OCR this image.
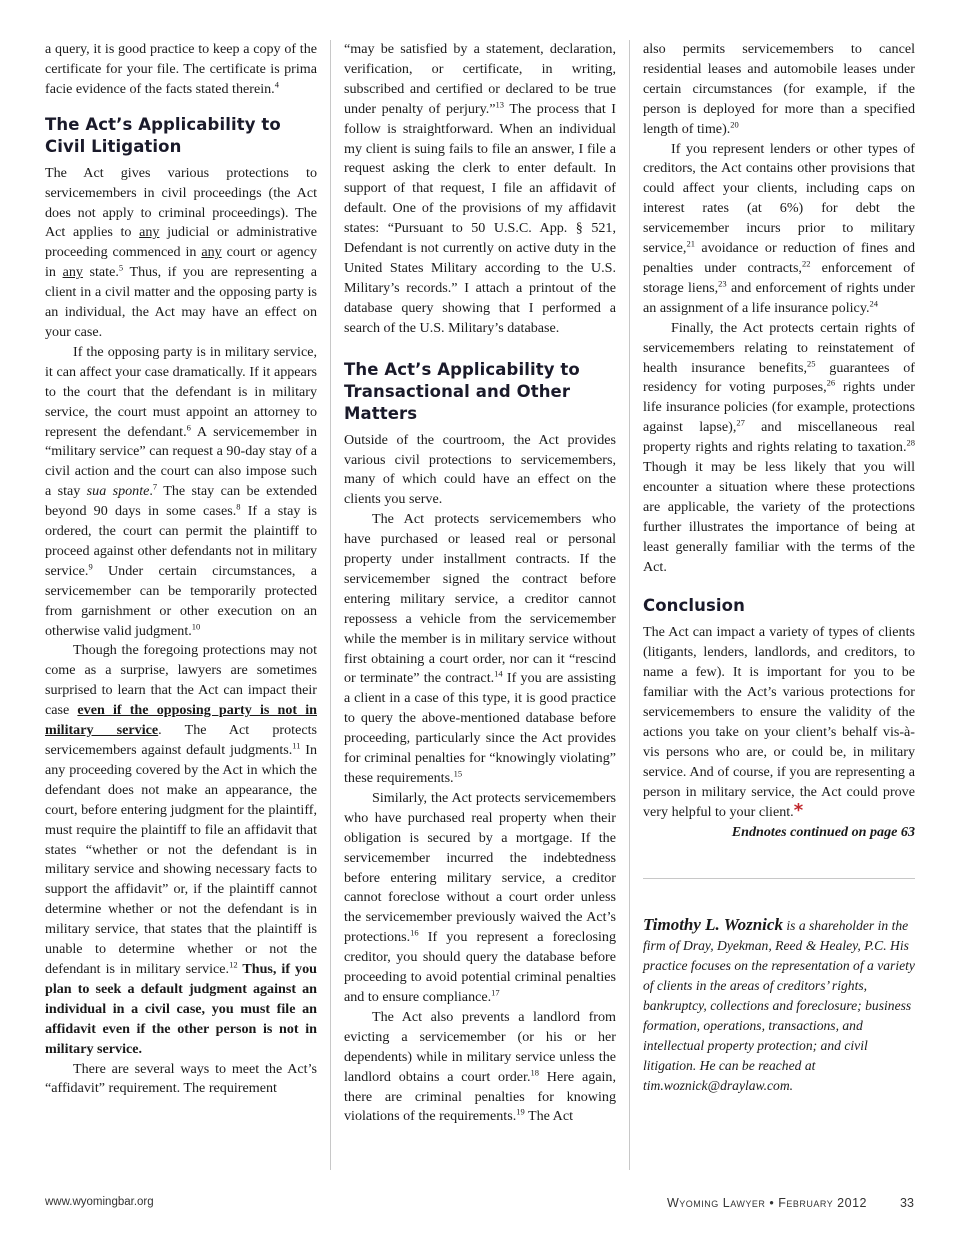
a query, it is good practice to keep a copy of the certificate for your file. The certificate is prima facie evidence of the facts stated therein.$^4$

The Act’s Applicability to Civil Litigation

The Act gives various protections to servicemembers in civil proceedings (the Act does not apply to criminal proceedings). The Act applies to any judicial or administrative proceeding commenced in any court or agency in any state.$^5$ Thus, if you are representing a client in a civil matter and the opposing party is an individual, the Act may have an effect on your case.

If the opposing party is in military service, it can affect your case dramatically. If it appears to the court that the defendant is in military service, the court must appoint an attorney to represent the defendant.$^6$ A servicemember in “military service” can request a 90-day stay of a civil action and the court can also impose such a stay sua sponte.$^7$ The stay can be extended beyond 90 days in some cases.$^8$ If a stay is ordered, the court can permit the plaintiff to proceed against other defendants not in military service.$^9$ Under certain circumstances, a servicemember can be temporarily protected from garnishment or other execution on an otherwise valid judgment.$^{10}$

Though the foregoing protections may not come as a surprise, lawyers are sometimes surprised to learn that the Act can impact their case even if the opposing party is not in military service. The Act protects servicemembers against default judgments.$^{11}$ In any proceeding covered by the Act in which the defendant does not make an appearance, the court, before entering judgment for the plaintiff, must require the plaintiff to file an affidavit that states “whether or not the defendant is in military service and showing necessary facts to support the affidavit” or, if the plaintiff cannot determine whether or not the defendant is in military service, that states that the plaintiff is unable to determine whether or not the defendant is in military service.$^{12}$ Thus, if you plan to seek a default judgment against an individual in a civil case, you must file an affidavit even if the other person is not in military service.

There are several ways to meet the Act’s “affidavit” requirement. The requirement

“may be satisfied by a statement, declaration, verification, or certificate, in writing, subscribed and certified or declared to be true under penalty of perjury.”$^{13}$ The process that I follow is straightforward. When an individual my client is suing fails to file an answer, I file a request asking the clerk to enter default. In support of that request, I file an affidavit of default. One of the provisions of my affidavit states: “Pursuant to 50 U.S.C. App. § 521, Defendant is not currently on active duty in the United States Military according to the U.S. Military’s records.” I attach a printout of the database query showing that I performed a search of the U.S. Military’s database.

The Act’s Applicability to Transactional and Other Matters

Outside of the courtroom, the Act provides various civil protections to servicemembers, many of which could have an effect on the clients you serve.

The Act protects servicemembers who have purchased or leased real or personal property under installment contracts. If the servicemember signed the contract before entering military service, a creditor cannot repossess a vehicle from the servicemember while the member is in military service without first obtaining a court order, nor can it “rescind or terminate” the contract.$^{14}$ If you are assisting a client in a case of this type, it is good practice to query the above-mentioned database before proceeding, particularly since the Act provides for criminal penalties for “knowingly violating” these requirements.$^{15}$

Similarly, the Act protects servicemembers who have purchased real property when their obligation is secured by a mortgage. If the servicemember incurred the indebtedness before entering military service, a creditor cannot foreclose without a court order unless the servicemember previously waived the Act’s protections.$^{16}$ If you represent a foreclosing creditor, you should query the database before proceeding to avoid potential criminal penalties and to ensure compliance.$^{17}$

The Act also prevents a landlord from evicting a servicemember (or his or her dependents) while in military service unless the landlord obtains a court order.$^{18}$ Here again, there are criminal penalties for knowing violations of the requirements.$^{19}$ The Act

also permits servicemembers to cancel residential leases and automobile leases under certain circumstances (for example, if the person is deployed for more than a specified length of time).$^{20}$

If you represent lenders or other types of creditors, the Act contains other provisions that could affect your clients, including caps on interest rates (at 6%) for debt the servicemember incurs prior to military service,$^{21}$ avoidance or reduction of fines and penalties under contracts,$^{22}$ enforcement of storage liens,$^{23}$ and enforcement of rights under an assignment of a life insurance policy.$^{24}$

Finally, the Act protects certain rights of servicemembers relating to reinstatement of health insurance benefits,$^{25}$ guarantees of residency for voting purposes,$^{26}$ rights under life insurance policies (for example, protections against lapse),$^{27}$ and miscellaneous real property rights and rights relating to taxation.$^{28}$ Though it may be less likely that you will encounter a situation where these protections are applicable, the variety of the protections further illustrates the importance of being at least generally familiar with the terms of the Act.

Conclusion

The Act can impact a variety of types of clients (litigants, lenders, landlords, and creditors, to name a few). It is important for you to be familiar with the Act’s various protections for servicemembers to ensure the validity of the actions you take on your client’s behalf vis-à-vis persons who are, or could be, in military service. And of course, if you are representing a person in military service, the Act could prove very helpful to your client.*

Endnotes continued on page 63

Timothy L. Woznick is a shareholder in the firm of Dray, Dyekman, Reed & Healey, P.C. His practice focuses on the representation of a variety of clients in the areas of creditors’ rights, bankruptcy, collections and foreclosure; business formation, operations, transactions, and intellectual property protection; and civil litigation. He can be reached at tim.woznick@draylaw.com.

www.wyomingbar.org	Wyoming Lawyer • February 2012	33
